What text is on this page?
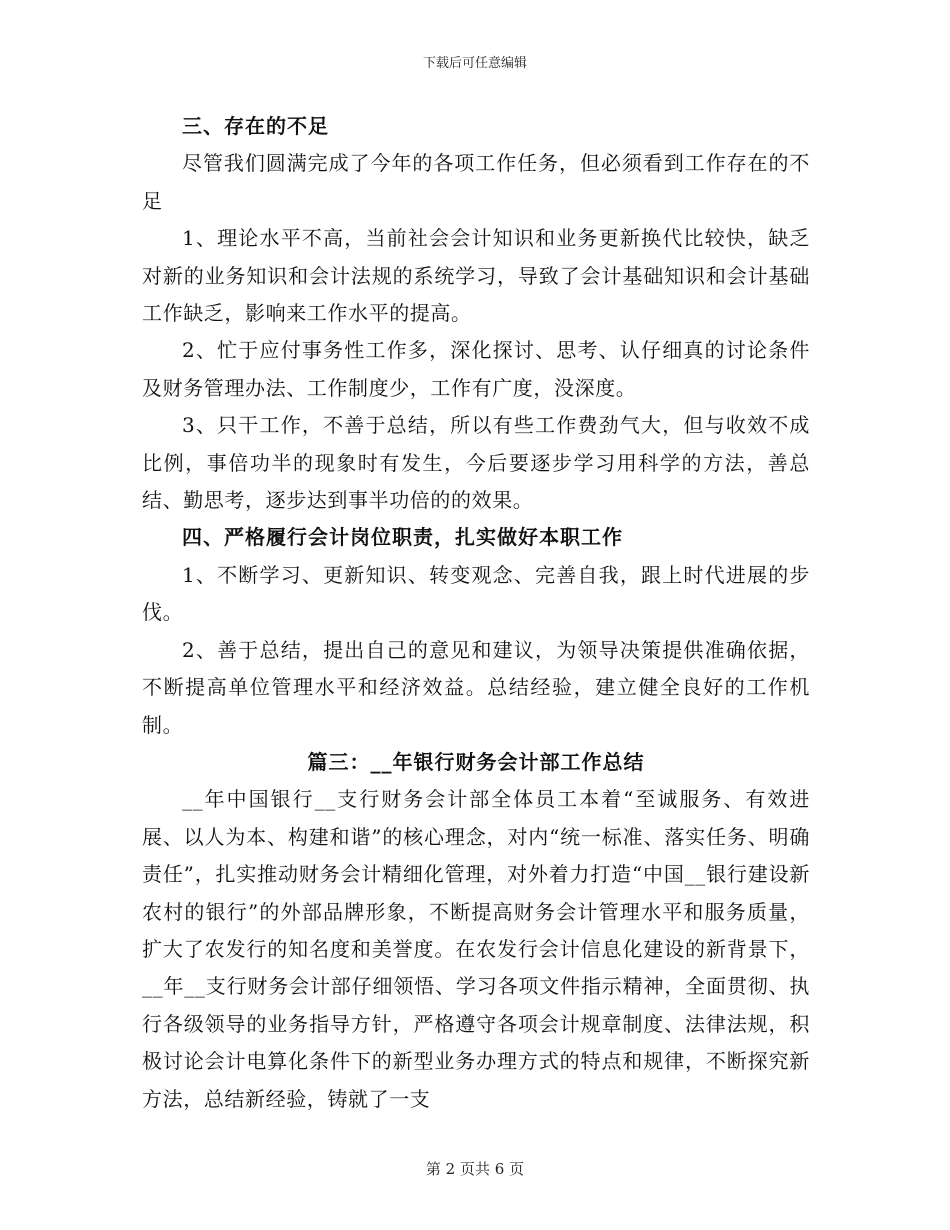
下载后可任意编辑
三、存在的不足

尽管我们圆满完成了今年的各项工作任务，但必须看到工作存在的不足

1、理论水平不高，当前社会会计知识和业务更新换代比较快，缺乏对新的业务知识和会计法规的系统学习，导致了会计基础知识和会计基础工作缺乏，影响来工作水平的提高。

2、忙于应付事务性工作多，深化探讨、思考、认仔细真的讨论条件及财务管理办法、工作制度少，工作有广度，没深度。

3、只干工作，不善于总结，所以有些工作费劲气大，但与收效不成比例，事倍功半的现象时有发生，今后要逐步学习用科学的方法，善总结、勤思考，逐步达到事半功倍的的效果。

四、严格履行会计岗位职责，扎实做好本职工作

1、不断学习、更新知识、转变观念、完善自我，跟上时代进展的步伐。

2、善于总结，提出自己的意见和建议，为领导决策提供准确依据，不断提高单位管理水平和经济效益。总结经验，建立健全良好的工作机制。

篇三：__年银行财务会计部工作总结

__年中国银行__支行财务会计部全体员工本着“至诚服务、有效进展、以人为本、构建和谐”的核心理念，对内“统一标准、落实任务、明确责任”，扎实推动财务会计精细化管理，对外着力打造“中国__银行建设新农村的银行”的外部品牌形象，不断提高财务会计管理水平和服务质量，扩大了农发行的知名度和美誉度。在农发行会计信息化建设的新背景下，__年__支行财务会计部仔细领悟、学习各项文件指示精神，全面贯彻、执行各级领导的业务指导方针，严格遵守各项会计规章制度、法律法规，积极讨论会计电算化条件下的新型业务办理方式的特点和规律，不断探究新方法，总结新经验，铸就了一支

第 2 页共 6 页
